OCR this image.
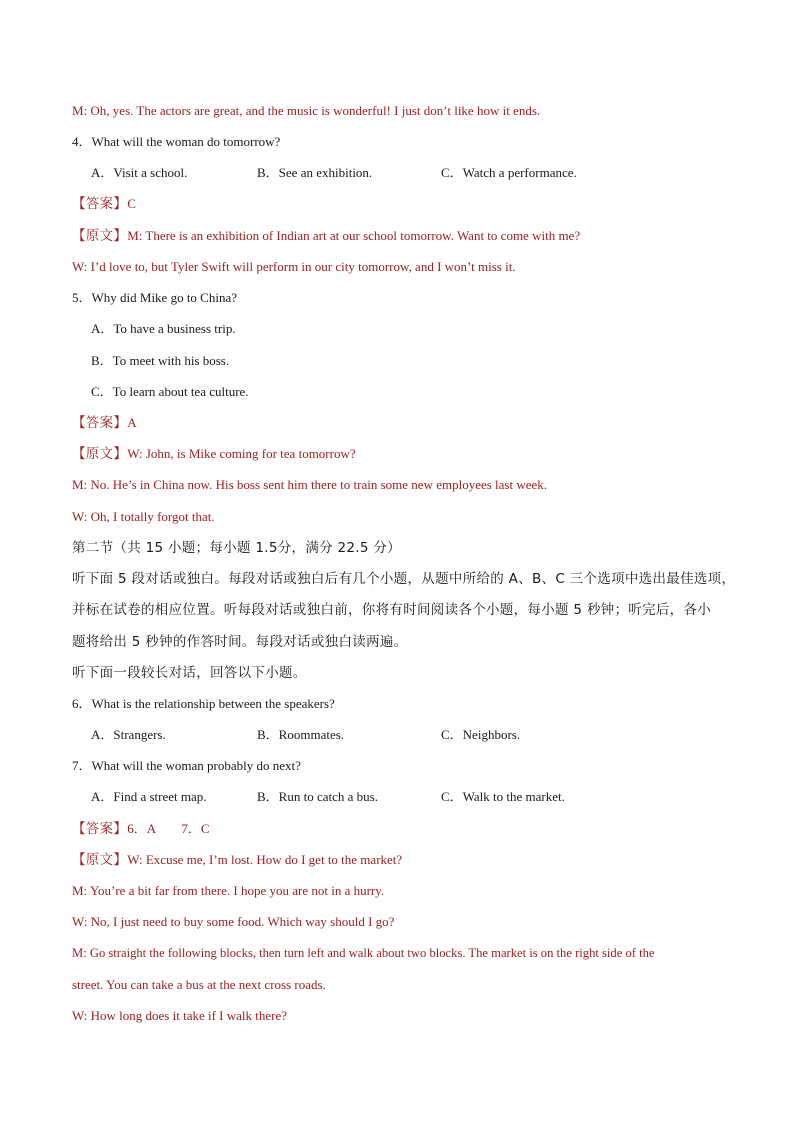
M: Oh, yes. The actors are great, and the music is wonderful! I just don’t like how it ends.
4．What will the woman do tomorrow?
A．Visit a school.	B．See an exhibition.	C．Watch a performance.
【答案】C
【原文】M: There is an exhibition of Indian art at our school tomorrow. Want to come with me?
W: I’d love to, but Tyler Swift will perform in our city tomorrow, and I won’t miss it.
5．Why did Mike go to China?
A．To have a business trip.
B．To meet with his boss.
C．To learn about tea culture.
【答案】A
【原文】W: John, is Mike coming for tea tomorrow?
M: No. He’s in China now. His boss sent him there to train some new employees last week.
W: Oh, I totally forgot that.
第二节（共 15 小题；每小题 1.5分，满分 22.5 分）
听下面 5 段对话或独白。每段对话或独白后有几个小题，从题中所给的 A、B、C 三个选项中选出最佳选项，
并标在试卷的相应位置。听每段对话或独白前，你将有时间阅读各个小题，每小题 5 秒钟；听完后，各小
题将给出 5 秒钟的作答时间。每段对话或独白读两遍。
听下面一段较长对话，回答以下小题。
6．What is the relationship between the speakers?
A．Strangers.	B．Roommates.	C．Neighbors.
7．What will the woman probably do next?
A．Find a street map.	B．Run to catch a bus.	C．Walk to the market.
【答案】6．A　　7．C
【原文】W: Excuse me, I’m lost. How do I get to the market?
M: You’re a bit far from there. I hope you are not in a hurry.
W: No, I just need to buy some food. Which way should I go?
M: Go straight the following blocks, then turn left and walk about two blocks. The market is on the right side of the
street. You can take a bus at the next cross roads.
W: How long does it take if I walk there?
